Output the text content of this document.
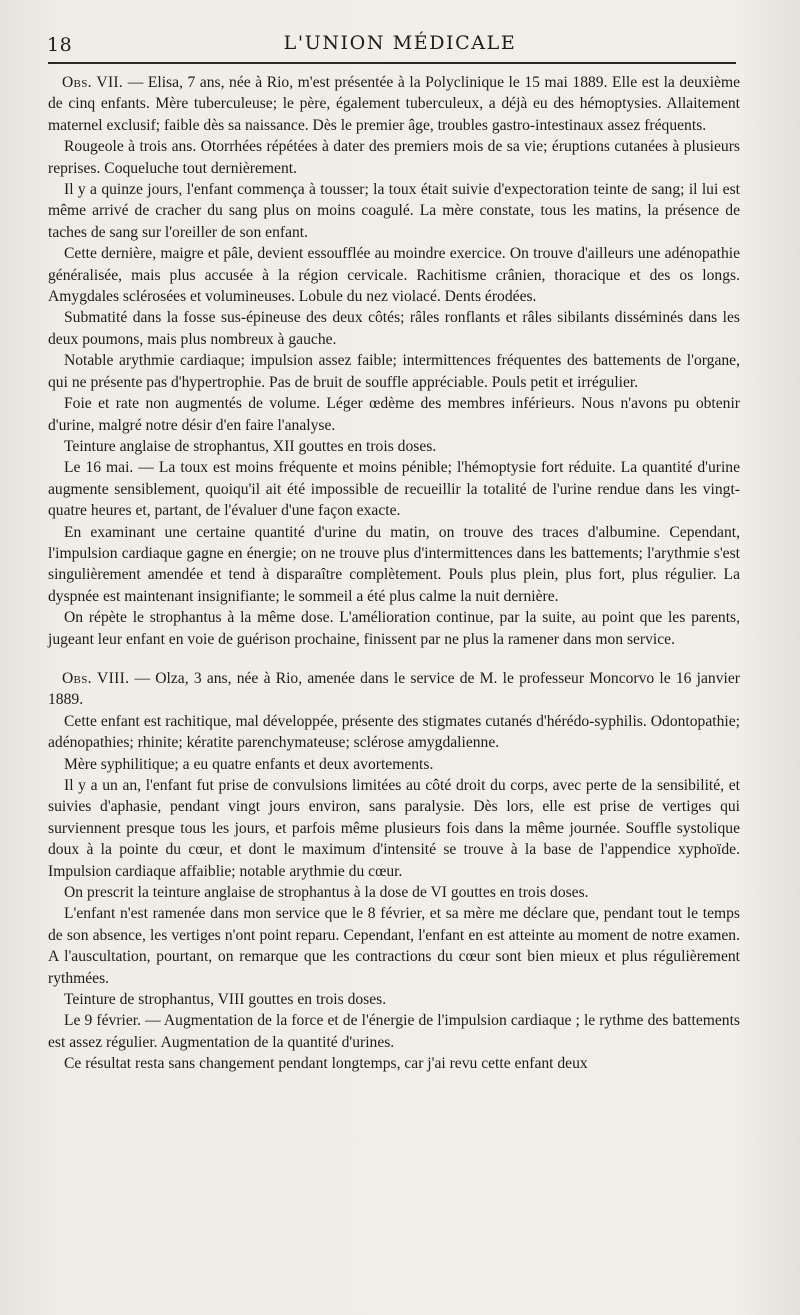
18	L'UNION MÉDICALE

Obs. VII. — Elisa, 7 ans, née à Rio, m'est présentée à la Polyclinique le 15 mai 1889. Elle est la deuxième de cinq enfants. Mère tuberculeuse; le père, également tuberculeux, a déjà eu des hémoptysies. Allaitement maternel exclusif; faible dès sa naissance. Dès le premier âge, troubles gastro-intestinaux assez fréquents.

Rougeole à trois ans. Otorrhées répétées à dater des premiers mois de sa vie; éruptions cutanées à plusieurs reprises. Coqueluche tout dernièrement.

Il y a quinze jours, l'enfant commença à tousser; la toux était suivie d'expectoration teinte de sang; il lui est même arrivé de cracher du sang plus on moins coagulé. La mère constate, tous les matins, la présence de taches de sang sur l'oreiller de son enfant.

Cette dernière, maigre et pâle, devient essoufflée au moindre exercice. On trouve d'ailleurs une adénopathie généralisée, mais plus accusée à la région cervicale. Rachitisme crânien, thoracique et des os longs. Amygdales sclérosées et volumineuses. Lobule du nez violacé. Dents érodées.

Submatité dans la fosse sus-épineuse des deux côtés; râles ronflants et râles sibilants disséminés dans les deux poumons, mais plus nombreux à gauche.

Notable arythmie cardiaque; impulsion assez faible; intermittences fréquentes des battements de l'organe, qui ne présente pas d'hypertrophie. Pas de bruit de souffle appréciable. Pouls petit et irrégulier.

Foie et rate non augmentés de volume. Léger œdème des membres inférieurs. Nous n'avons pu obtenir d'urine, malgré notre désir d'en faire l'analyse.

Teinture anglaise de strophantus, XII gouttes en trois doses.

Le 16 mai. — La toux est moins fréquente et moins pénible; l'hémoptysie fort réduite. La quantité d'urine augmente sensiblement, quoiqu'il ait été impossible de recueillir la totalité de l'urine rendue dans les vingt-quatre heures et, partant, de l'évaluer d'une façon exacte.

En examinant une certaine quantité d'urine du matin, on trouve des traces d'albumine. Cependant, l'impulsion cardiaque gagne en énergie; on ne trouve plus d'intermittences dans les battements; l'arythmie s'est singulièrement amendée et tend à disparaître complètement. Pouls plus plein, plus fort, plus régulier. La dyspnée est maintenant insignifiante; le sommeil a été plus calme la nuit dernière.

On répète le strophantus à la même dose. L'amélioration continue, par la suite, au point que les parents, jugeant leur enfant en voie de guérison prochaine, finissent par ne plus la ramener dans mon service.

Obs. VIII. — Olza, 3 ans, née à Rio, amenée dans le service de M. le professeur Moncorvo le 16 janvier 1889.

Cette enfant est rachitique, mal développée, présente des stigmates cutanés d'hérédo-syphilis. Odontopathie; adénopathies; rhinite; kératite parenchymateuse; sclérose amygdalienne.

Mère syphilitique; a eu quatre enfants et deux avortements.

Il y a un an, l'enfant fut prise de convulsions limitées au côté droit du corps, avec perte de la sensibilité, et suivies d'aphasie, pendant vingt jours environ, sans paralysie. Dès lors, elle est prise de vertiges qui surviennent presque tous les jours, et parfois même plusieurs fois dans la même journée. Souffle systolique doux à la pointe du cœur, et dont le maximum d'intensité se trouve à la base de l'appendice xyphoïde. Impulsion cardiaque affaiblie; notable arythmie du cœur.

On prescrit la teinture anglaise de strophantus à la dose de VI gouttes en trois doses.

L'enfant n'est ramenée dans mon service que le 8 février, et sa mère me déclare que, pendant tout le temps de son absence, les vertiges n'ont point reparu. Cependant, l'enfant en est atteinte au moment de notre examen. A l'auscultation, pourtant, on remarque que les contractions du cœur sont bien mieux et plus régulièrement rythmées.

Teinture de strophantus, VIII gouttes en trois doses.

Le 9 février. — Augmentation de la force et de l'énergie de l'impulsion cardiaque ; le rythme des battements est assez régulier. Augmentation de la quantité d'urines.

Ce résultat resta sans changement pendant longtemps, car j'ai revu cette enfant deux
